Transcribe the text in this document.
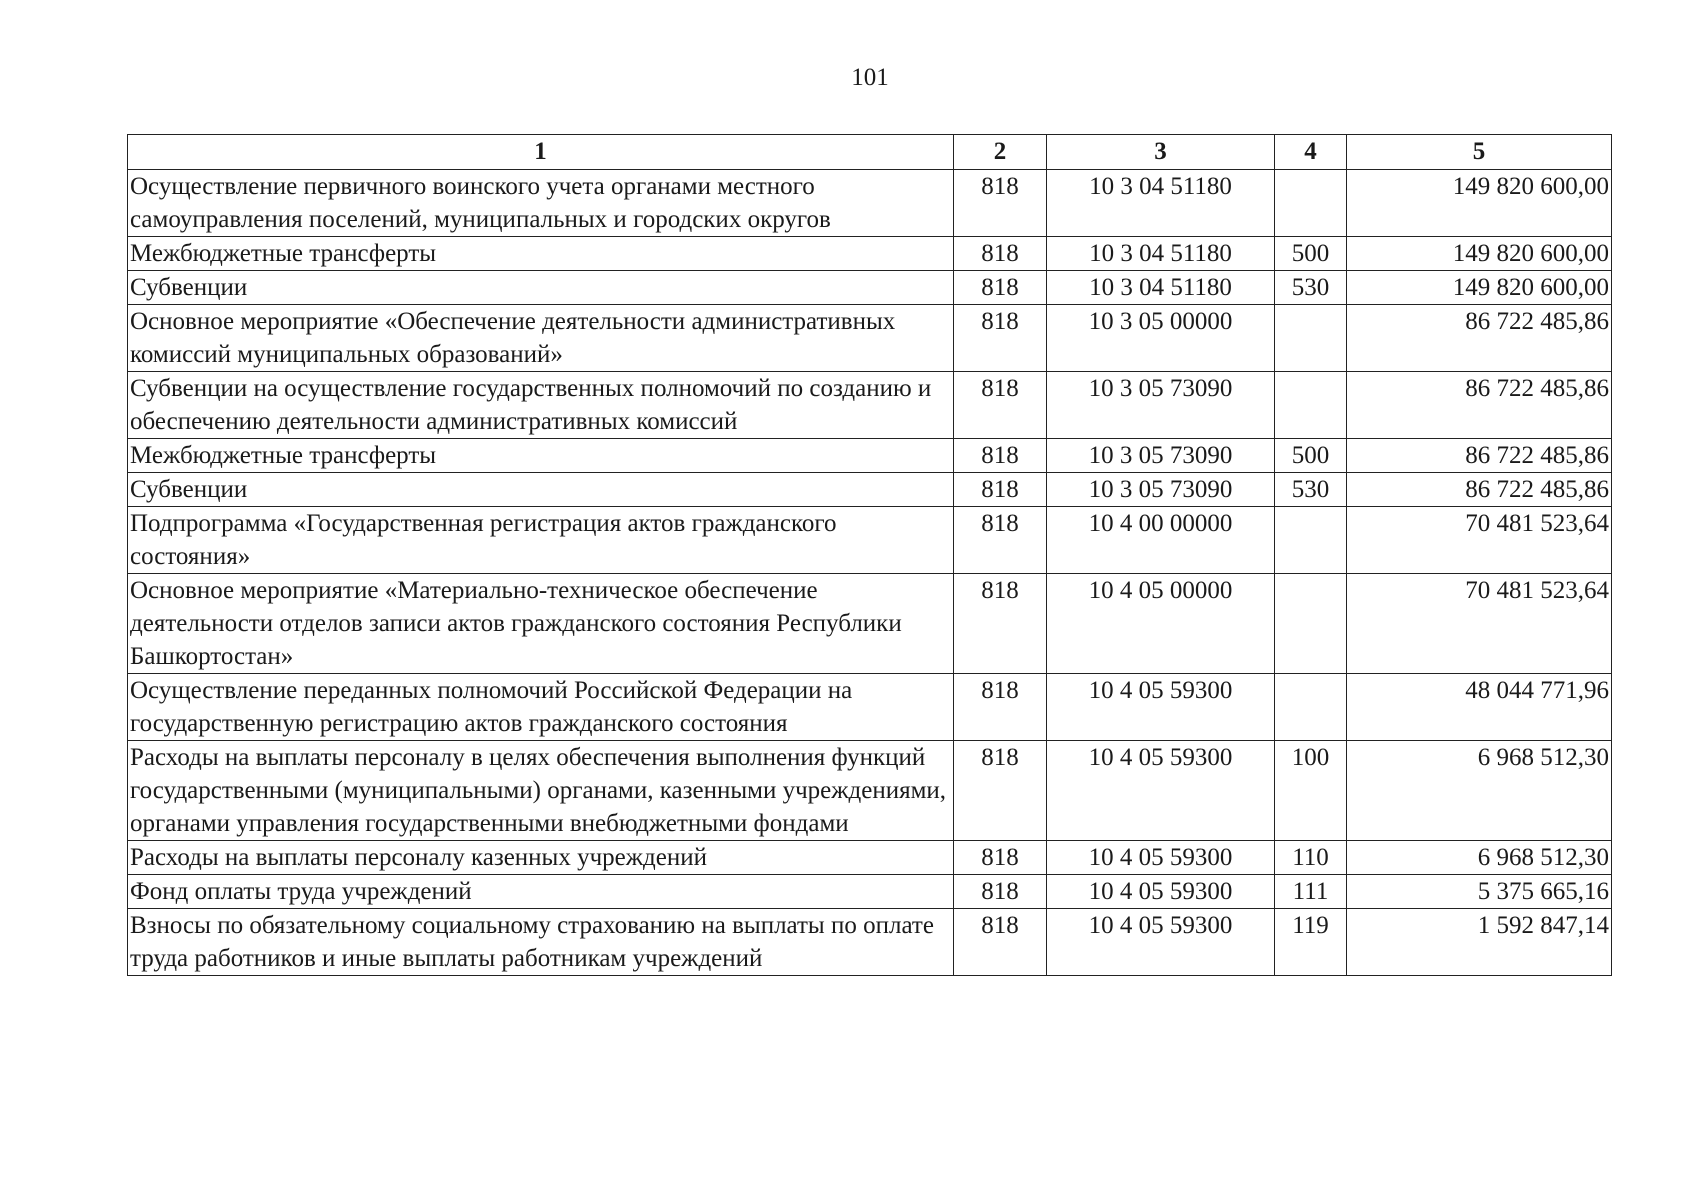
101
1	2	3	4	5
Осуществление первичного воинского учета органами местного самоуправления поселений, муниципальных и городских округов	818	10 3 04 51180		149 820 600,00
Межбюджетные трансферты	818	10 3 04 51180	500	149 820 600,00
Субвенции	818	10 3 04 51180	530	149 820 600,00
Основное мероприятие «Обеспечение деятельности административных комиссий муниципальных образований»	818	10 3 05 00000		86 722 485,86
Субвенции на осуществление государственных полномочий по созданию и обеспечению деятельности административных комиссий	818	10 3 05 73090		86 722 485,86
Межбюджетные трансферты	818	10 3 05 73090	500	86 722 485,86
Субвенции	818	10 3 05 73090	530	86 722 485,86
Подпрограмма «Государственная регистрация актов гражданского состояния»	818	10 4 00 00000		70 481 523,64
Основное мероприятие «Материально-техническое обеспечение деятельности отделов записи актов гражданского состояния Республики Башкортостан»	818	10 4 05 00000		70 481 523,64
Осуществление переданных полномочий Российской Федерации на государственную регистрацию актов гражданского состояния	818	10 4 05 59300		48 044 771,96
Расходы на выплаты персоналу в целях обеспечения выполнения функций государственными (муниципальными) органами, казенными учреждениями, органами управления государственными внебюджетными фондами	818	10 4 05 59300	100	6 968 512,30
Расходы на выплаты персоналу казенных учреждений	818	10 4 05 59300	110	6 968 512,30
Фонд оплаты труда учреждений	818	10 4 05 59300	111	5 375 665,16
Взносы по обязательному социальному страхованию на выплаты по оплате труда работников и иные выплаты работникам учреждений	818	10 4 05 59300	119	1 592 847,14
